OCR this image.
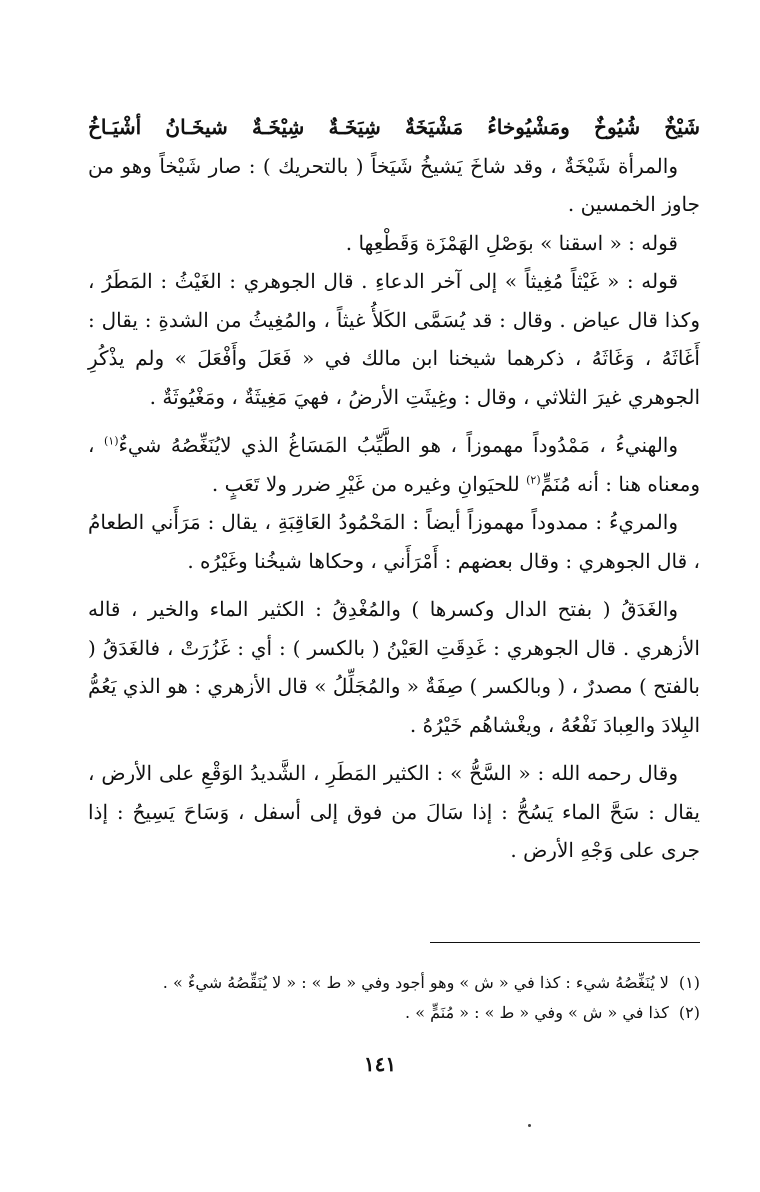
شَيْخٌ شُيُوخٌ ومَشْيُوخاءُ مَشْيَخَةٌ شِيَخَـةٌ شِيْخَـةٌ شيخَـانُ أشْيَـاخُ

والمرأة شَيْخَةٌ ، وقد شاخَ يَشيخُ شَيَخاً ( بالتحريك ) : صار شَيْخاً وهو من جاوز الخمسين .

قوله : « اسقنا » بوَصْلِ الهَمْزَة وَقَطْعِها .

قوله : « غَيْثاً مُغِيثاً » إلى آخر الدعاءِ . قال الجوهري : الغَيْثُ : المَطَرُ ، وكذا قال عياض . وقال : قد يُسَمَّى الكَلأُ غيثاً ، والمُغِيثُ من الشدةِ : يقال : أَغَاثَهُ ، وَغَاثَهُ ، ذكرهما شيخنا ابن مالك في « فَعَلَ وأَفْعَلَ » ولم يذْكُرِ الجوهري غيرَ الثلاثي ، وقال : وغِيثَتِ الأرضُ ، فهيَ مَغِيثَةٌ ، ومَغْيُوثَةٌ .

والهنيءُ ، مَمْدُوداً مهموزاً ، هو الطَّيِّبُ المَسَاغُ الذي لايُنَغِّصُهُ شيءٌ$^{(١)}$ ، ومعناه هنا : أنه مُنَمٍّ$^{(٢)}$ للحيَوانِ وغيره من غَيْرِ ضرر ولا تَعَبٍ .

والمريءُ : ممدوداً مهموزاً أيضاً : المَحْمُودُ العَاقِبَةِ ، يقال : مَرَأَني الطعامُ ، قال الجوهري : وقال بعضهم : أَمْرَأَني ، وحكاها شيخُنا وغَيْرُه .

والغَدَقُ ( بفتح الدال وكسرها ) والمُغْدِقُ : الكثير الماء والخير ، قاله الأزهري . قال الجوهري : غَدِقَتِ العَيْنُ ( بالكسر ) : أي : غَزُرَتْ ، فالغَدَقُ ( بالفتح ) مصدرٌ ، ( وبالكسر ) صِفَةٌ « والمُجَلِّلُ » قال الأزهري : هو الذي يَعُمُّ البِلادَ والعِبادَ نَفْعُهُ ، ويغْشاهُم خَيْرُهُ .

وقال رحمه الله : « السَّحُّ » : الكثير المَطَرِ ، الشَّديدُ الوَقْعِ على الأرض ، يقال : سَحَّ الماء يَسُحُّ : إذا سَالَ من فوق إلى أسفل ، وَسَاحَ يَسِيحُ : إذا جرى على وَجْهِ الأرض .

(١)لا يُنَغِّصُهُ شيء : كذا في « ش » وهو أجود وفي « ط » : « لا يُنَقِّصُهُ شيءٌ » .

(٢)كذا في « ش » وفي « ط » : « مُنَمٍّ » .

١٤١
